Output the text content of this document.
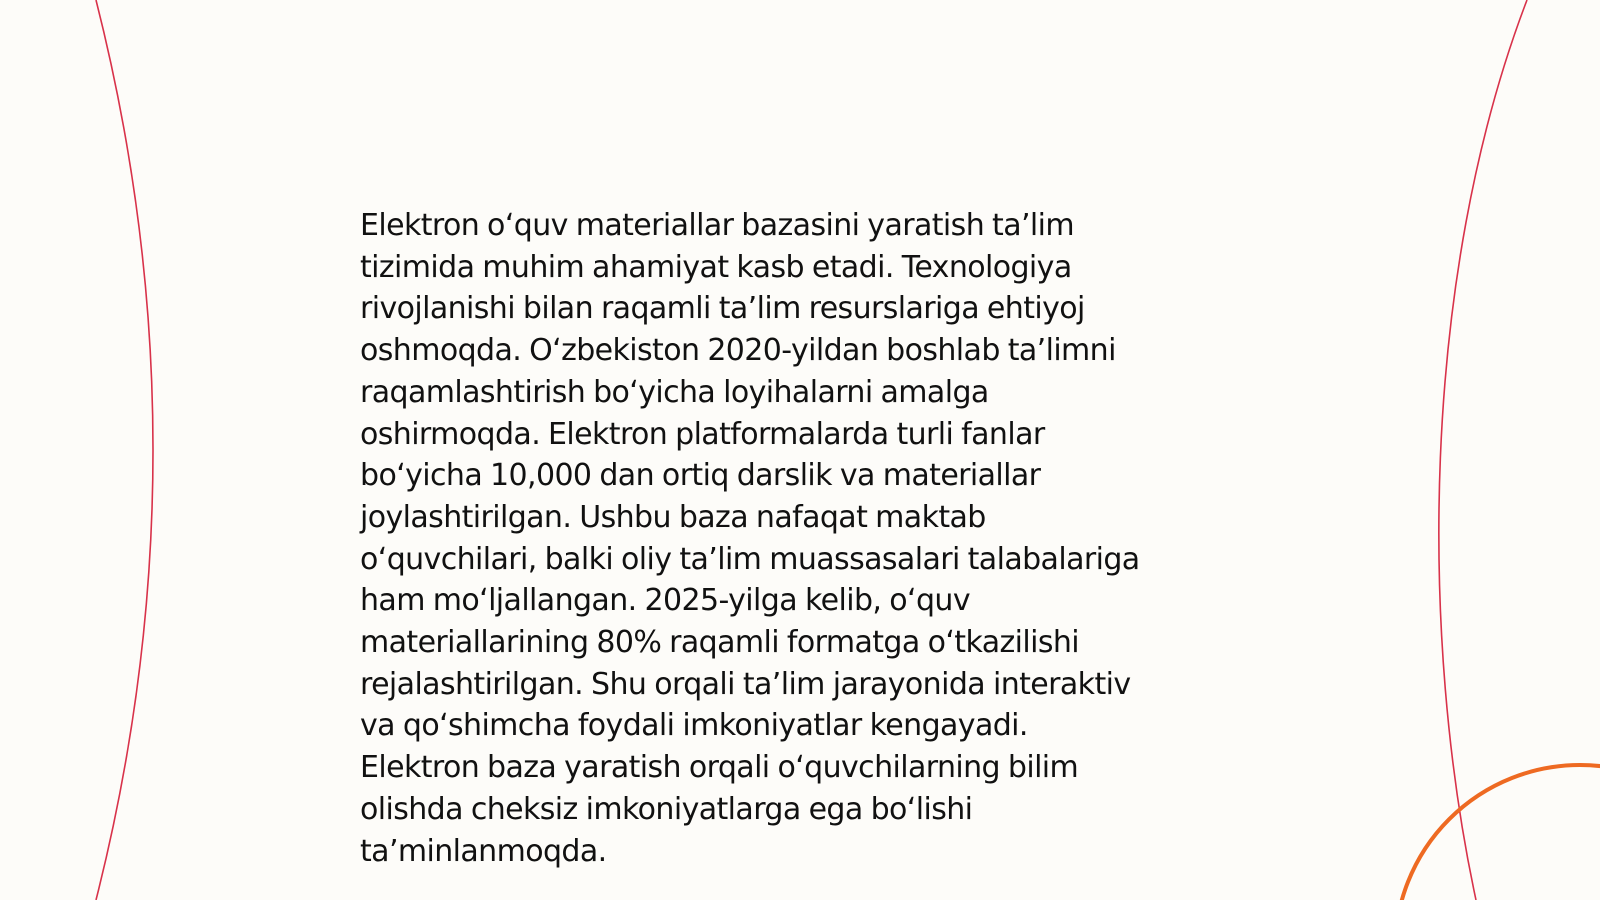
Elektron o‘quv materiallar bazasini yaratish ta’lim
tizimida muhim ahamiyat kasb etadi. Texnologiya
rivojlanishi bilan raqamli ta’lim resurslariga ehtiyoj
oshmoqda. O‘zbekiston 2020-yildan boshlab ta’limni
raqamlashtirish bo‘yicha loyihalarni amalga
oshirmoqda. Elektron platformalarda turli fanlar
bo‘yicha 10,000 dan ortiq darslik va materiallar
joylashtirilgan. Ushbu baza nafaqat maktab
o‘quvchilari, balki oliy ta’lim muassasalari talabalariga
ham mo‘ljallangan. 2025-yilga kelib, o‘quv
materiallarining 80% raqamli formatga o‘tkazilishi
rejalashtirilgan. Shu orqali ta’lim jarayonida interaktiv
va qo‘shimcha foydali imkoniyatlar kengayadi.
Elektron baza yaratish orqali o‘quvchilarning bilim
olishda cheksiz imkoniyatlarga ega bo‘lishi
ta’minlanmoqda.
